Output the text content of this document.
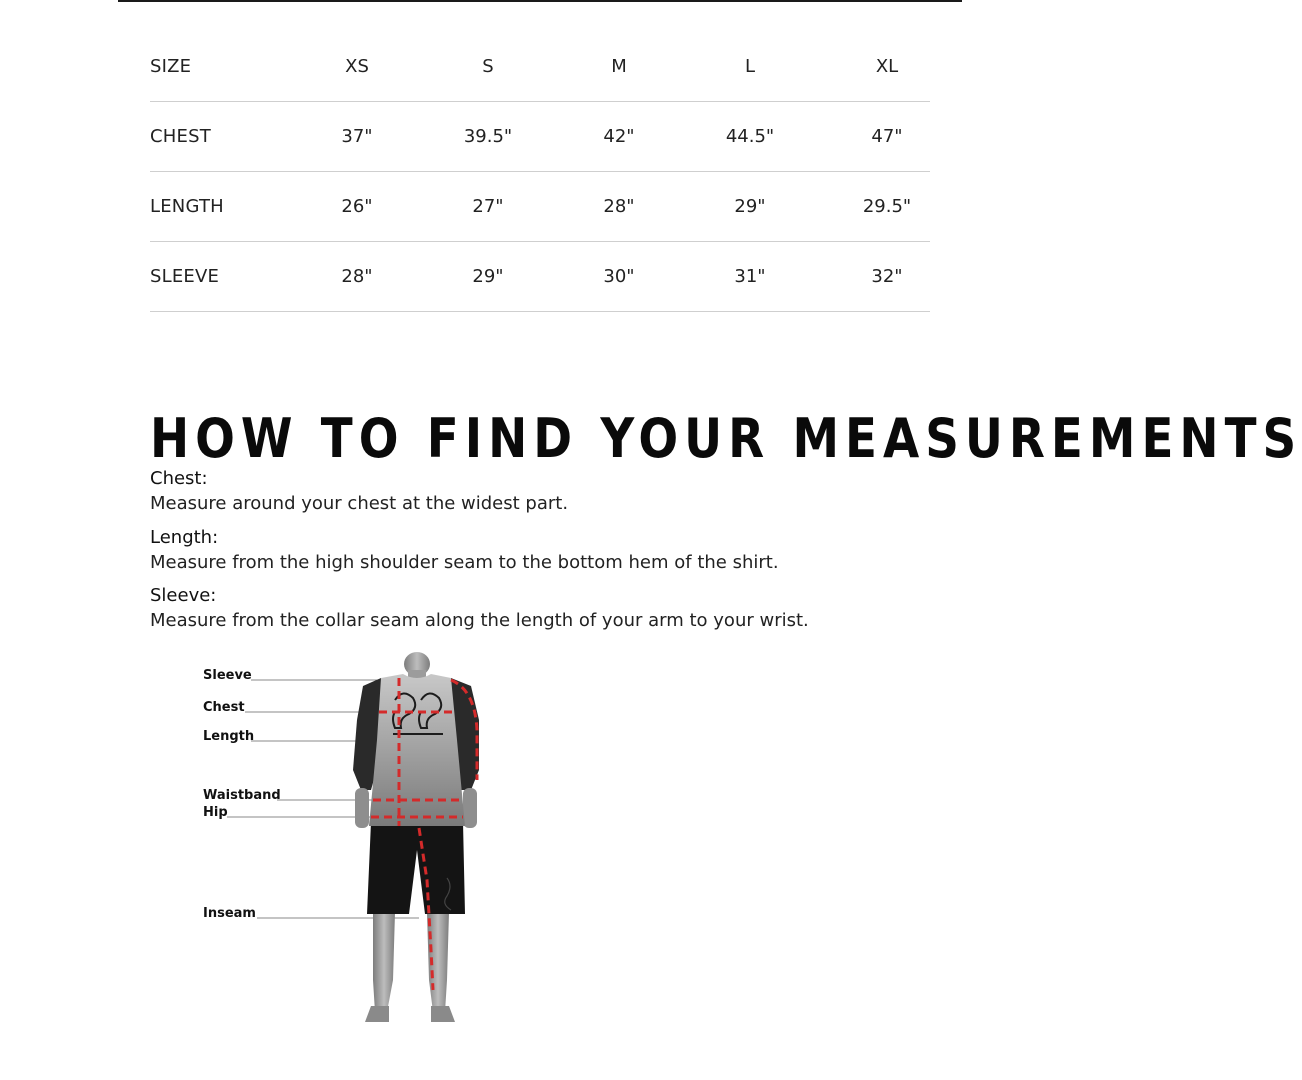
SIZE	XS	S	M	L	XL
CHEST	37"	39.5"	42"	44.5"	47"
LENGTH	26"	27"	28"	29"	29.5"
SLEEVE	28"	29"	30"	31"	32"
HOW TO FIND YOUR MEASUREMENTS
Chest:
Measure around your chest at the widest part.
Length:
Measure from the high shoulder seam to the bottom hem of the shirt.
Sleeve:
Measure from the collar seam along the length of your arm to your wrist.
Sleeve
Chest
Length
Waistband
Hip
Inseam
